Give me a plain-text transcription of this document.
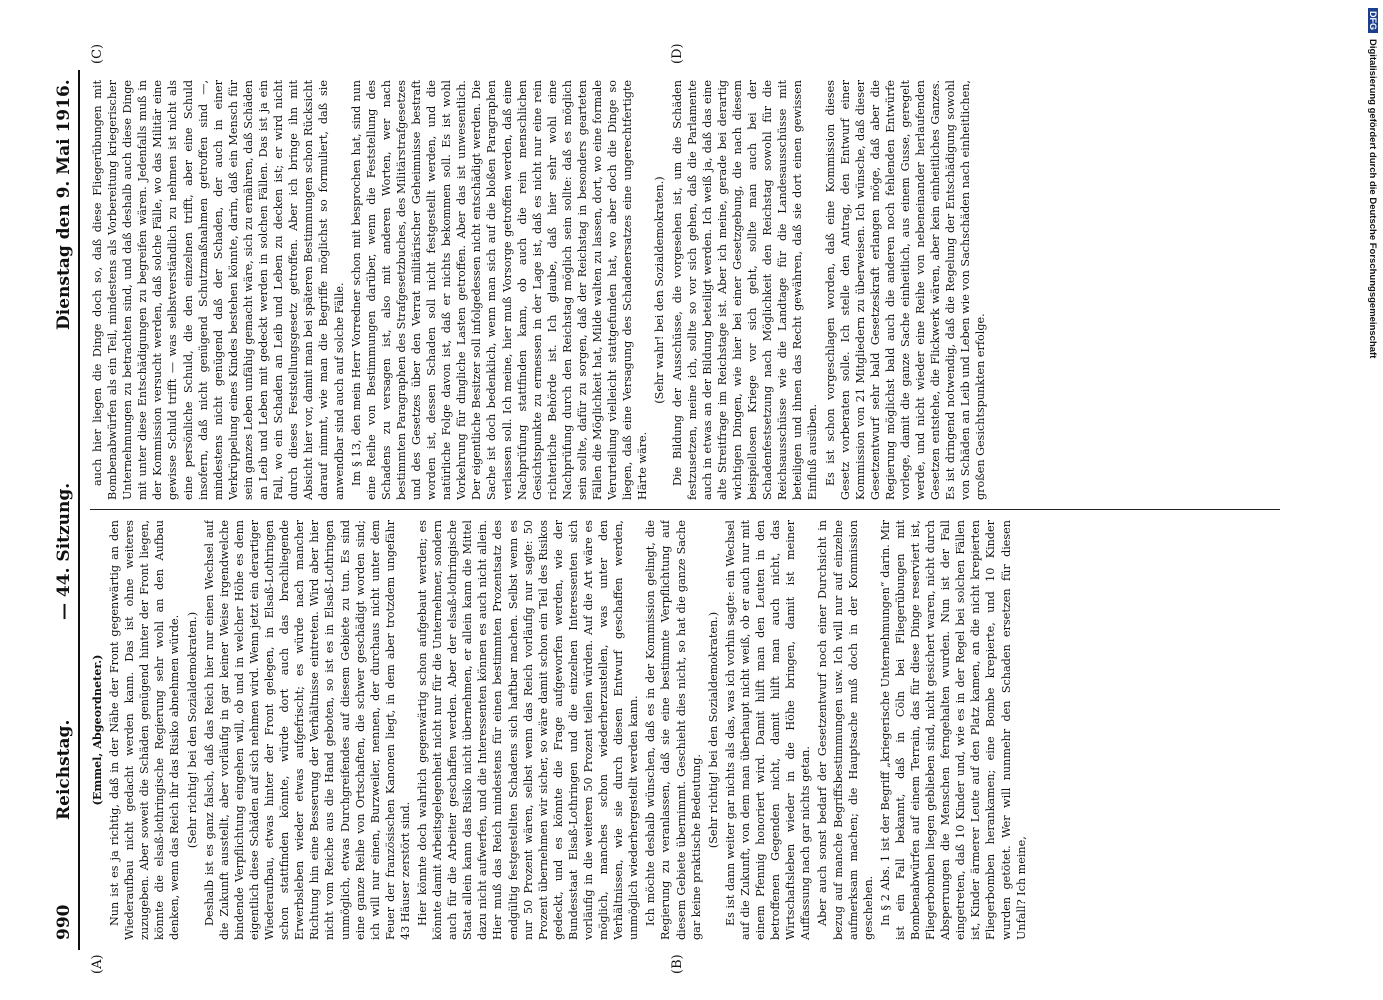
990
Reichstag.
— 44. Sitzung.
Dienstag den 9. Mai 1916.
(A)	(B)
(C)	(D)

(Emmel, Abgeordneter.) Nun ist es ja richtig, daß in der Nähe der Front gegenwärtig an den Wiederaufbau nicht gedacht werden kann. Das ist ohne weiteres zuzugeben. Aber soweit die Schäden genügend hinter der Front liegen, könnte die elsaß-lothringische Regierung sehr wohl an den Aufbau denken, wenn das Reich ihr das Risiko abnehmen würde. (Sehr richtig! bei den Sozialdemokraten.) Deshalb ist es ganz falsch, daß das Reich hier nur einen Wechsel auf die Zukunft ausstellt, aber vorläufig in gar keiner Weise irgendwelche bindende Verpflichtung eingehen will, ob und in welcher Höhe es denn eigentlich diese Schäden auf sich nehmen wird. Wenn jetzt ein derartiger Wiederaufbau, etwas hinter der Front gelegen, in Elsaß-Lothringen schon stattfinden könnte, würde dort auch das brachliegende Erwerbsleben wieder etwas aufgefrischt; es würde nach mancher Richtung hin eine Besserung der Verhältnisse eintreten. Wird aber hier nicht vom Reiche aus die Hand geboten, so ist es in Elsaß-Lothringen unmöglich, etwas Durchgreifendes auf diesem Gebiete zu tun. Es sind eine ganze Reihe von Ortschaften, die schwer geschädigt worden sind; ich will nur einen, Burzweiler, nennen, der durchaus nicht unter dem Feuer der französischen Kanonen liegt, in dem aber trotzdem ungefähr 43 Häuser zerstört sind. Hier könnte doch wahrlich gegenwärtig schon aufgebaut werden; es könnte damit Arbeitsgelegenheit nicht nur für die Unternehmer, sondern auch für die Arbeiter geschaffen werden. Aber der elsaß-lothringische Staat allein kann das Risiko nicht übernehmen, er allein kann die Mittel dazu nicht aufwerfen, und die Interessenten können es auch nicht allein. Hier muß das Reich mindestens für einen bestimmten Prozentsatz des endgültig festgestellten Schadens sich haftbar machen. Selbst wenn es nur 50 Prozent wären, selbst wenn das Reich vorläufig nur sagte: 50 Prozent übernehmen wir sicher, so wäre damit schon ein Teil des Risikos gedeckt, und es könnte die Frage aufgeworfen werden, wie der Bundesstaat Elsaß-Lothringen und die einzelnen Interessenten sich vorläufig in die weiteren 50 Prozent teilen würden. Auf die Art wäre es möglich, manches schon wiederherzustellen, was unter den Verhältnissen, wie sie durch diesen Entwurf geschaffen werden, unmöglich wiederhergestellt werden kann. Ich möchte deshalb wünschen, daß es in der Kommission gelingt, die Regierung zu veranlassen, daß sie eine bestimmte Verpflichtung auf diesem Gebiete übernimmt. Geschieht dies nicht, so hat die ganze Sache gar keine praktische Bedeutung. (Sehr richtig! bei den Sozialdemokraten.) Es ist dann weiter gar nichts als das, was ich vorhin sagte: ein Wechsel auf die Zukunft, von dem man überhaupt nicht weiß, ob er auch nur mit einem Pfennig honoriert wird. Damit hilft man den Leuten in den betroffenen Gegenden nicht, damit hilft man auch nicht, das Wirtschaftsleben wieder in die Höhe bringen, damit ist meiner Auffassung nach gar nichts getan. Aber auch sonst bedarf der Gesetzentwurf noch einer Durchsicht in bezug auf manche Begriffsbestimmungen usw. Ich will nur auf einzelne aufmerksam machen; die Hauptsache muß doch in der Kommission geschehen. In § 2 Abs. 1 ist der Begriff „kriegerische Unternehmungen“ darin. Mir ist ein Fall bekannt, daß in Cöln bei Fliegerübungen mit Bombenabwürfen auf einem Terrain, das für diese Dinge reserviert ist, Fliegerbomben liegen geblieben sind, nicht gesichert waren, nicht durch Absperrungen die Menschen ferngehalten wurden. Nun ist der Fall eingetreten, daß 10 Kinder und, wie es in der Regel bei solchen Fällen ist, Kinder ärmerer Leute auf den Platz kamen, an die nicht krepierten Fliegerbomben herankamen; eine Bombe krepierte, und 10 Kinder wurden getötet. Wer will nunmehr den Schaden ersetzen für diesen Unfall? Ich meine,

auch hier liegen die Dinge doch so, daß diese Fliegerübungen mit Bombenabwürfen als ein Teil, mindestens als Vorbereitung kriegerischer Unternehmungen zu betrachten sind, und daß deshalb auch diese Dinge mit unter diese Entschädigungen zu begreifen wären. Jedenfalls muß in der Kommission versucht werden, daß solche Fälle, wo das Militär eine gewisse Schuld trifft — was selbstverständlich zu nehmen ist nicht als eine persönliche Schuld, die den einzelnen trifft, aber eine Schuld insofern, daß nicht genügend Schutzmaßnahmen getroffen sind —, mindestens nicht genügend daß der Schaden, der auch in einer Verkrüppelung eines Kindes bestehen könnte, darin, daß ein Mensch für sein ganzes Leben unfähig gemacht wäre, sich zu ernähren, daß Schäden an Leib und Leben mit gedeckt werden in solchen Fällen. Das ist ja ein Fall, wo ein Schaden an Leib und Leben zu decken ist; er wird nicht durch dieses Feststellungsgesetz getroffen. Aber ich bringe ihn mit Absicht hier vor, damit man bei späteren Bestimmungen schon Rücksicht darauf nimmt, wie man die Begriffe möglichst so formuliert, daß sie anwendbar sind auch auf solche Fälle. Im § 13, den mein Herr Vorredner schon mit besprochen hat, sind nun eine Reihe von Bestimmungen darüber, wenn die Feststellung des Schadens zu versagen ist, also mit anderen Worten, wer nach bestimmten Paragraphen des Strafgesetzbuches, des Militärstrafgesetzes und des Gesetzes über den Verrat militärischer Geheimnisse bestraft worden ist, dessen Schaden soll nicht festgestellt werden, und die natürliche Folge davon ist, daß er nichts bekommen soll. Es ist wohl Vorkehrung für dingliche Lasten getroffen. Aber das ist unwesentlich. Der eigentliche Besitzer soll infolgedessen nicht entschädigt werden. Die Sache ist doch bedenklich, wenn man sich auf die bloßen Paragraphen verlassen soll. Ich meine, hier muß Vorsorge getroffen werden, daß eine Nachprüfung stattfinden kann, ob auch die rein menschlichen Gesichtspunkte zu ermessen in der Lage ist, daß es nicht nur eine rein richterliche Behörde ist. Ich glaube, daß hier sehr wohl eine Nachprüfung durch den Reichstag möglich sein sollte: daß es möglich sein sollte, dafür zu sorgen, daß der Reichstag in besonders gearteten Fällen die Möglichkeit hat, Milde walten zu lassen, dort, wo eine formale Verurteilung vielleicht stattgefunden hat, wo aber doch die Dinge so liegen, daß eine Versagung des Schadenersatzes eine ungerechtfertigte Härte wäre.

(Sehr wahr! bei den Sozialdemokraten.) Die Bildung der Ausschüsse, die vorgesehen ist, um die Schäden festzusetzen, meine ich, sollte so vor sich gehen, daß die Parlamente auch in etwas an der Bildung beteiligt werden. Ich weiß ja, daß das eine alte Streitfrage im Reichstage ist. Aber ich meine, gerade bei derartig wichtigen Dingen, wie hier bei einer Gesetzgebung, die nach diesem beispiellosen Kriege vor sich geht, sollte man auch bei der Schadenfestsetzung nach Möglichkeit den Reichstag sowohl für die Reichsausschüsse wie die Landtage für die Landesausschüsse mit beteiligen und ihnen das Recht gewähren, daß sie dort einen gewissen Einfluß ausüben. Es ist schon vorgeschlagen worden, daß eine Kommission dieses Gesetz vorberaten solle. Ich stelle den Antrag, den Entwurf einer Kommission von 21 Mitgliedern zu überweisen. Ich wünsche, daß dieser Gesetzentwurf sehr bald Gesetzeskraft erlangen möge, daß aber die Regierung möglichst bald auch die anderen noch fehlenden Entwürfe vorlege, damit die ganze Sache einheitlich, aus einem Gusse, geregelt werde, und nicht wieder eine Reihe von nebeneinander herlaufenden Gesetzen entstehe, die Flickwerk wären, aber kein einheitliches Ganzes. Es ist dringend notwendig, daß die Regelung der Entschädigung sowohl von Schäden an Leib und Leben wie von Sachschäden nach einheitlichen, großen Gesichtspunkten erfolge.

DFGDigitalisierung gefördert durch die Deutsche Forschungsgemeinschaft
